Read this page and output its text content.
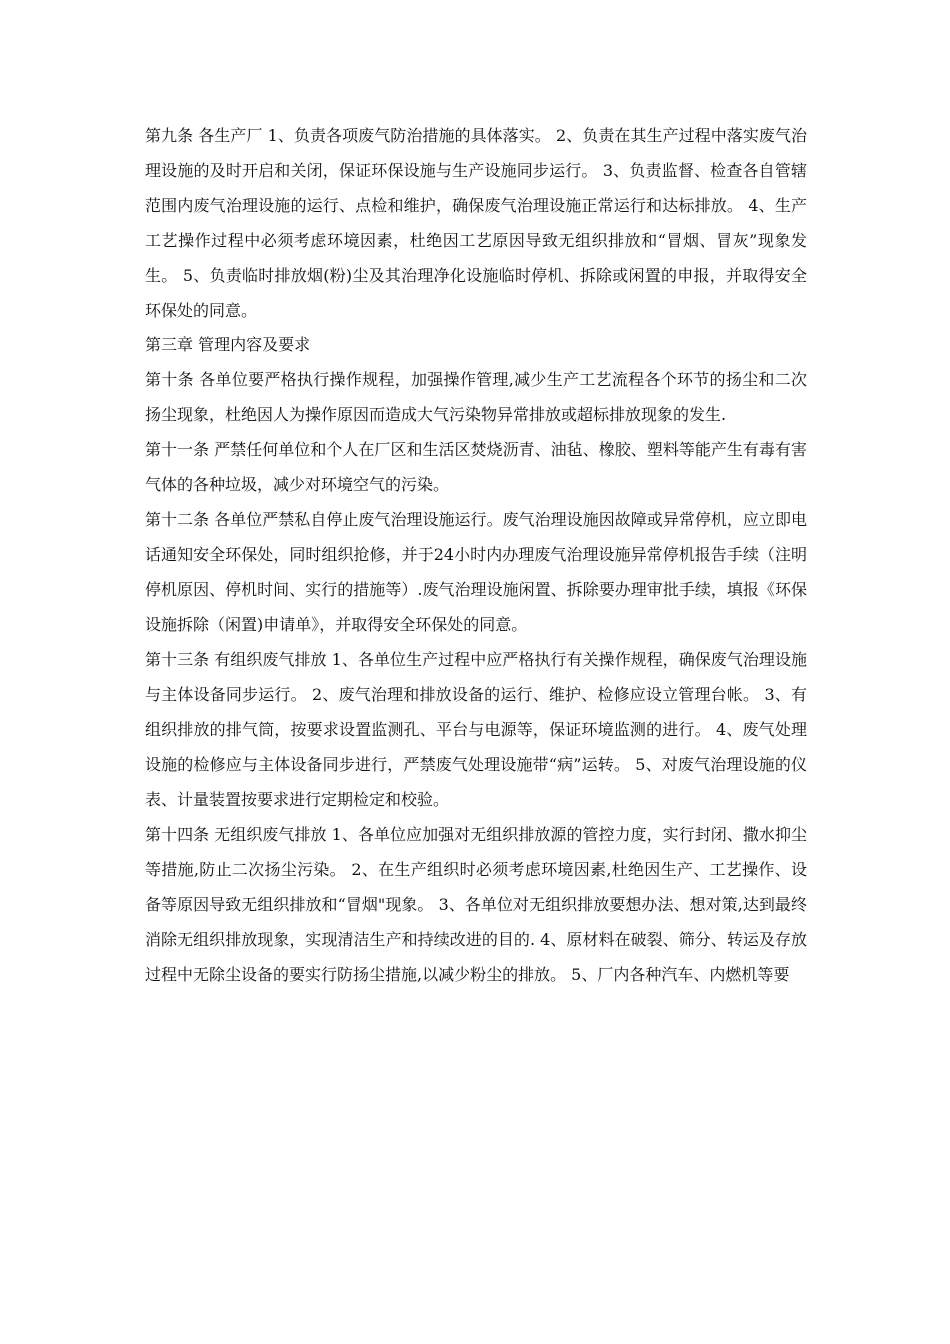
第九条 各生产厂 1、负责各项废气防治措施的具体落实。 2、负责在其生产过程中落实废气治理设施的及时开启和关闭，保证环保设施与生产设施同步运行。 3、负责监督、检查各自管辖范围内废气治理设施的运行、点检和维护，确保废气治理设施正常运行和达标排放。 4、生产工艺操作过程中必须考虑环境因素，杜绝因工艺原因导致无组织排放和“冒烟、冒灰”现象发生。 5、负责临时排放烟(粉)尘及其治理净化设施临时停机、拆除或闲置的申报，并取得安全环保处的同意。

第三章 管理内容及要求

第十条 各单位要严格执行操作规程，加强操作管理,减少生产工艺流程各个环节的扬尘和二次扬尘现象，杜绝因人为操作原因而造成大气污染物异常排放或超标排放现象的发生.

第十一条 严禁任何单位和个人在厂区和生活区焚烧沥青、油毡、橡胶、塑料等能产生有毒有害气体的各种垃圾，减少对环境空气的污染。

第十二条 各单位严禁私自停止废气治理设施运行。废气治理设施因故障或异常停机，应立即电话通知安全环保处，同时组织抢修，并于24小时内办理废气治理设施异常停机报告手续（注明停机原因、停机时间、实行的措施等）.废气治理设施闲置、拆除要办理审批手续，填报《环保设施拆除（闲置)申请单》，并取得安全环保处的同意。

第十三条 有组织废气排放 1、各单位生产过程中应严格执行有关操作规程，确保废气治理设施与主体设备同步运行。 2、废气治理和排放设备的运行、维护、检修应设立管理台帐。 3、有组织排放的排气筒，按要求设置监测孔、平台与电源等，保证环境监测的进行。 4、废气处理设施的检修应与主体设备同步进行，严禁废气处理设施带“病”运转。 5、对废气治理设施的仪表、计量装置按要求进行定期检定和校验。

第十四条 无组织废气排放 1、各单位应加强对无组织排放源的管控力度，实行封闭、撒水抑尘等措施,防止二次扬尘污染。 2、在生产组织时必须考虑环境因素,杜绝因生产、工艺操作、设备等原因导致无组织排放和“冒烟"现象。 3、各单位对无组织排放要想办法、想对策,达到最终消除无组织排放现象，实现清洁生产和持续改进的目的. 4、原材料在破裂、筛分、转运及存放过程中无除尘设备的要实行防扬尘措施,以减少粉尘的排放。 5、厂内各种汽车、内燃机等要
